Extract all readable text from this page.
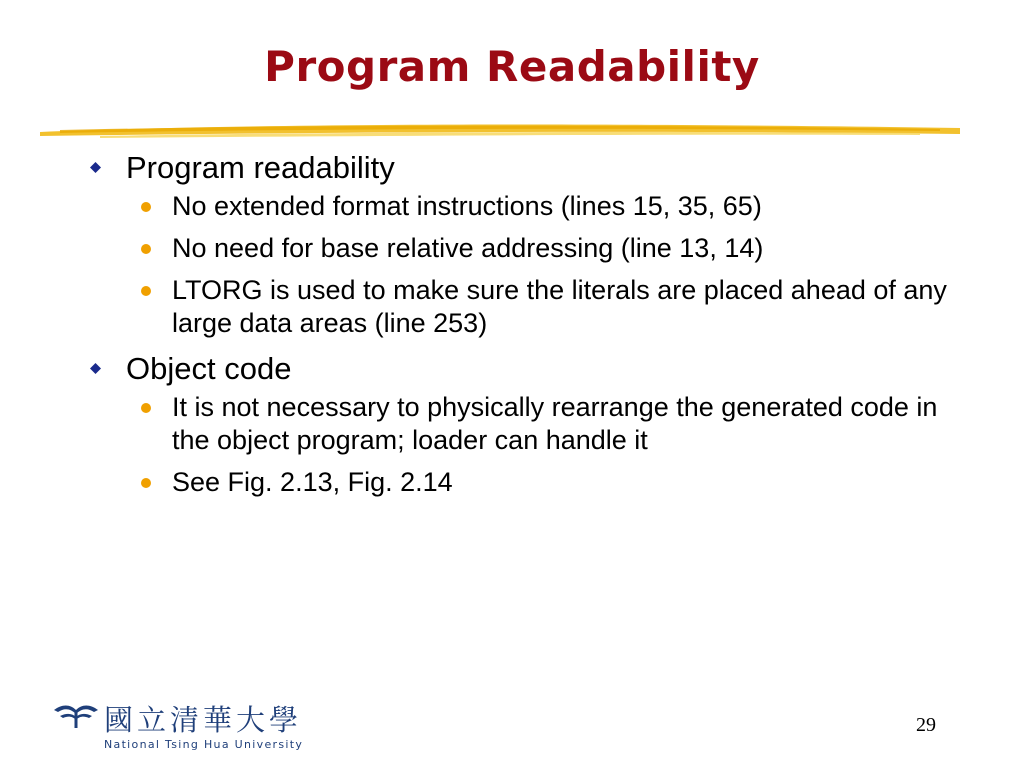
Program Readability
Program readability
No extended format instructions (lines 15, 35, 65)
No need for base relative addressing (line 13, 14)
LTORG is used to make sure the literals are placed ahead of any large data areas (line 253)
Object code
It is not necessary to physically rearrange the generated code in the object program; loader can handle it
See Fig. 2.13, Fig. 2.14
國立清華大學
National Tsing Hua University
29
